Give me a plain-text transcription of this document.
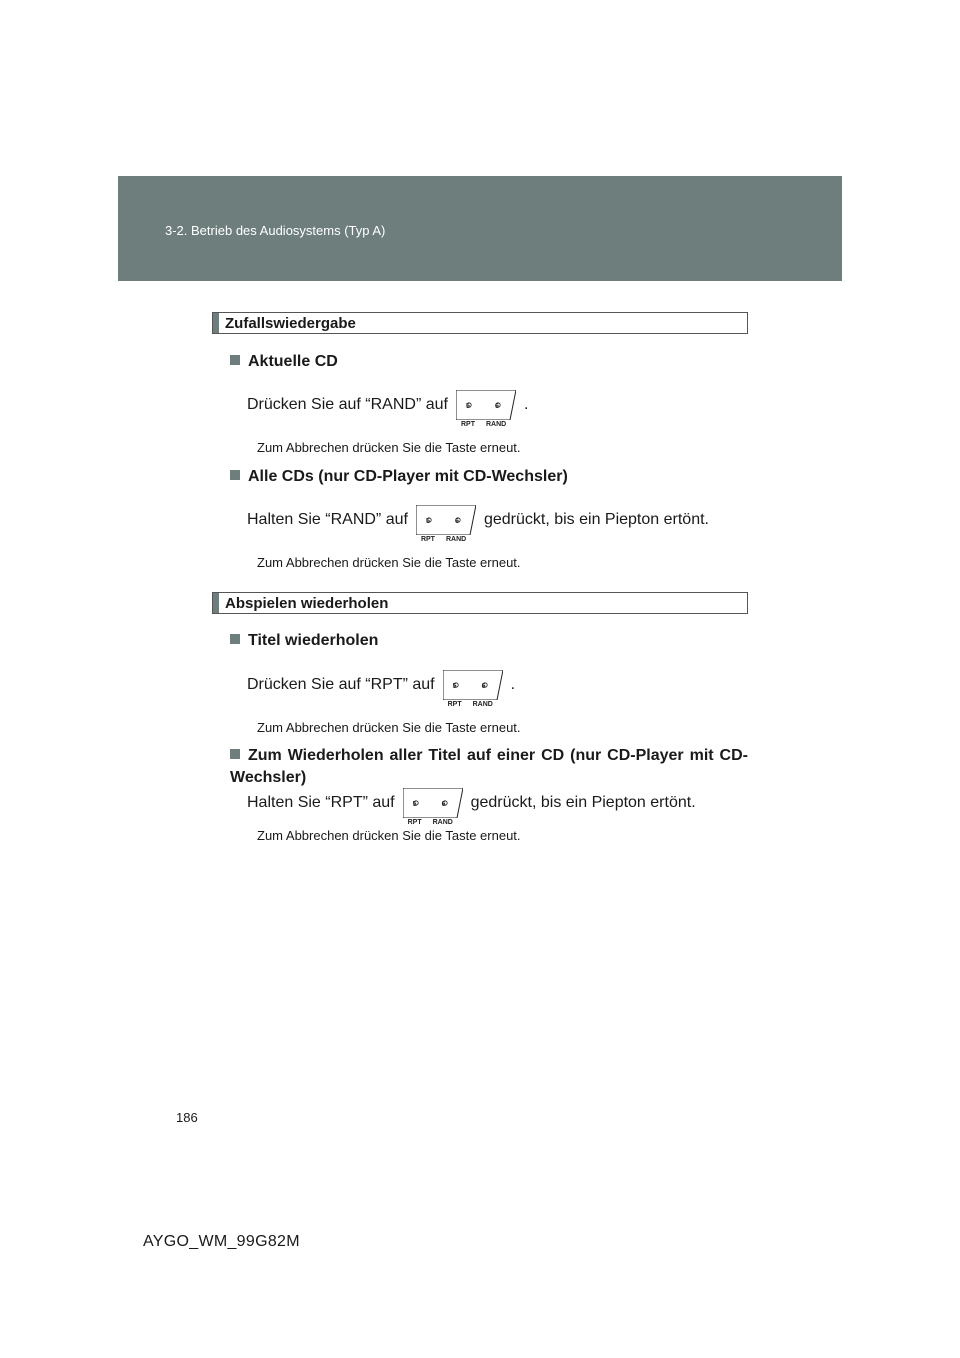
3-2. Betrieb des Audiosystems (Typ A)
Zufallswiedergabe
Aktuelle CD
Drücken Sie auf “RAND” auf	5	6
RPT RAND
.
Zum Abbrechen drücken Sie die Taste erneut.
Alle CDs (nur CD-Player mit CD-Wechsler)
Halten Sie “RAND” auf	5	6
RPT RAND
gedrückt, bis ein Piepton ertönt.
Zum Abbrechen drücken Sie die Taste erneut.
Abspielen wiederholen
Titel wiederholen
Drücken Sie auf “RPT” auf	5	6
RPT RAND
.
Zum Abbrechen drücken Sie die Taste erneut.
Zum Wiederholen aller Titel auf einer CD (nur CD-Player mit CD-Wechsler)
Halten Sie “RPT” auf	5	6
RPT RAND
gedrückt, bis ein Piepton ertönt.
Zum Abbrechen drücken Sie die Taste erneut.
186
AYGO_WM_99G82M
